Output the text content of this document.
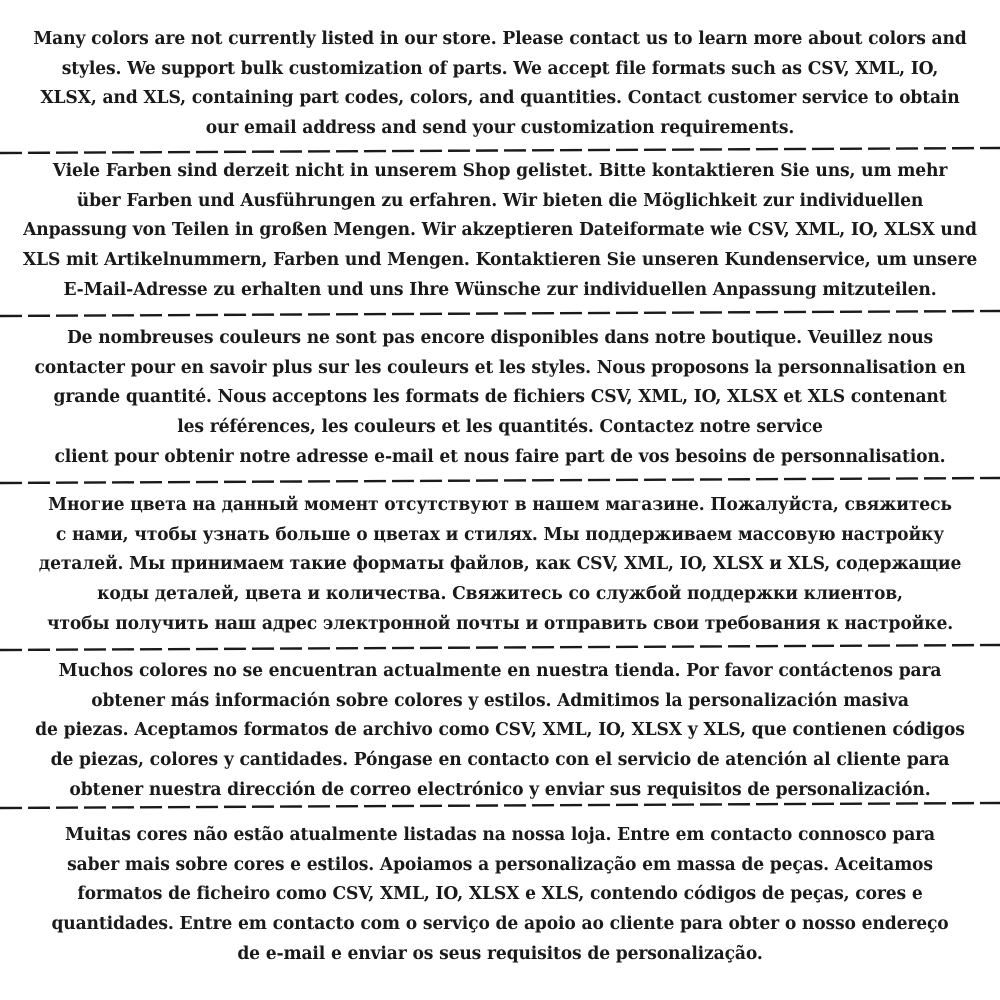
Many colors are not currently listed in our store. Please contact us to learn more about colors and styles. We support bulk customization of parts. We accept file formats such as CSV, XML, IO, XLSX, and XLS, containing part codes, colors, and quantities. Contact customer service to obtain our email address and send your customization requirements.
Viele Farben sind derzeit nicht in unserem Shop gelistet. Bitte kontaktieren Sie uns, um mehr über Farben und Ausführungen zu erfahren. Wir bieten die Möglichkeit zur individuellen Anpassung von Teilen in großen Mengen. Wir akzeptieren Dateiformate wie CSV, XML, IO, XLSX und XLS mit Artikelnummern, Farben und Mengen. Kontaktieren Sie unseren Kundenservice, um unsere E-Mail-Adresse zu erhalten und uns Ihre Wünsche zur individuellen Anpassung mitzuteilen.
De nombreuses couleurs ne sont pas encore disponibles dans notre boutique. Veuillez nous contacter pour en savoir plus sur les couleurs et les styles. Nous proposons la personnalisation en grande quantité. Nous acceptons les formats de fichiers CSV, XML, IO, XLSX et XLS contenant les références, les couleurs et les quantités. Contactez notre service client pour obtenir notre adresse e-mail et nous faire part de vos besoins de personnalisation.
Многие цвета на данный момент отсутствуют в нашем магазине. Пожалуйста, свяжитесь с нами, чтобы узнать больше о цветах и стилях. Мы поддерживаем массовую настройку деталей. Мы принимаем такие форматы файлов, как CSV, XML, IO, XLSX и XLS, содержащие коды деталей, цвета и количества. Свяжитесь со службой поддержки клиентов, чтобы получить наш адрес электронной почты и отправить свои требования к настройке.
Muchos colores no se encuentran actualmente en nuestra tienda. Por favor contáctenos para obtener más información sobre colores y estilos. Admitimos la personalización masiva de piezas. Aceptamos formatos de archivo como CSV, XML, IO, XLSX y XLS, que contienen códigos de piezas, colores y cantidades. Póngase en contacto con el servicio de atención al cliente para obtener nuestra dirección de correo electrónico y enviar sus requisitos de personalización.
Muitas cores não estão atualmente listadas na nossa loja. Entre em contacto connosco para saber mais sobre cores e estilos. Apoiamos a personalização em massa de peças. Aceitamos formatos de ficheiro como CSV, XML, IO, XLSX e XLS, contendo códigos de peças, cores e quantidades. Entre em contacto com o serviço de apoio ao cliente para obter o nosso endereço de e-mail e enviar os seus requisitos de personalização.
